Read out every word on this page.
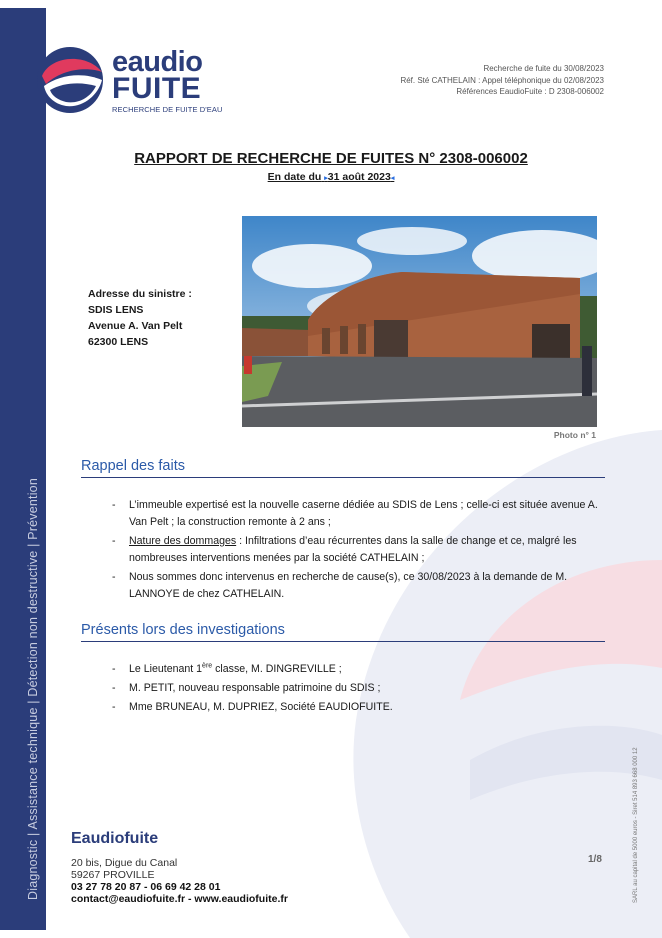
Diagnostic | Assistance technique | Détection non destructive | Prévention
eaudio
FUITE
RECHERCHE DE FUITE D'EAU
Recherche de fuite du 30/08/2023
Réf. Sté CATHELAIN : Appel téléphonique du 02/08/2023
Références EaudioFuite : D 2308-006002
RAPPORT DE RECHERCHE DE FUITES N° 2308-006002
En date du ▸31 août 2023◂
Adresse du sinistre :
SDIS LENS
Avenue A. Van Pelt
62300 LENS
Photo n° 1
Rappel des faits
- L’immeuble expertisé est la nouvelle caserne dédiée au SDIS de Lens ; celle-ci est située avenue A. Van Pelt ; la construction remonte à 2 ans ;
- Nature des dommages : Infiltrations d’eau récurrentes dans la salle de change et ce, malgré les nombreuses interventions menées par la société CATHELAIN ;
- Nous sommes donc intervenus en recherche de cause(s), ce 30/08/2023 à la demande de M. LANNOYE de chez CATHELAIN.
Présents lors des investigations
- Le Lieutenant 1ère classe, M. DINGREVILLE ;
- M. PETIT, nouveau responsable patrimoine du SDIS ;
- Mme BRUNEAU, M. DUPRIEZ, Société EAUDIOFUITE.
Eaudiofuite
20 bis, Digue du Canal
59267 PROVILLE
03 27 78 20 87 - 06 69 42 28 01
contact@eaudiofuite.fr - www.eaudiofuite.fr
1/8	SARL au capital de 5000 euros - Siret 514 893 668 000 12
